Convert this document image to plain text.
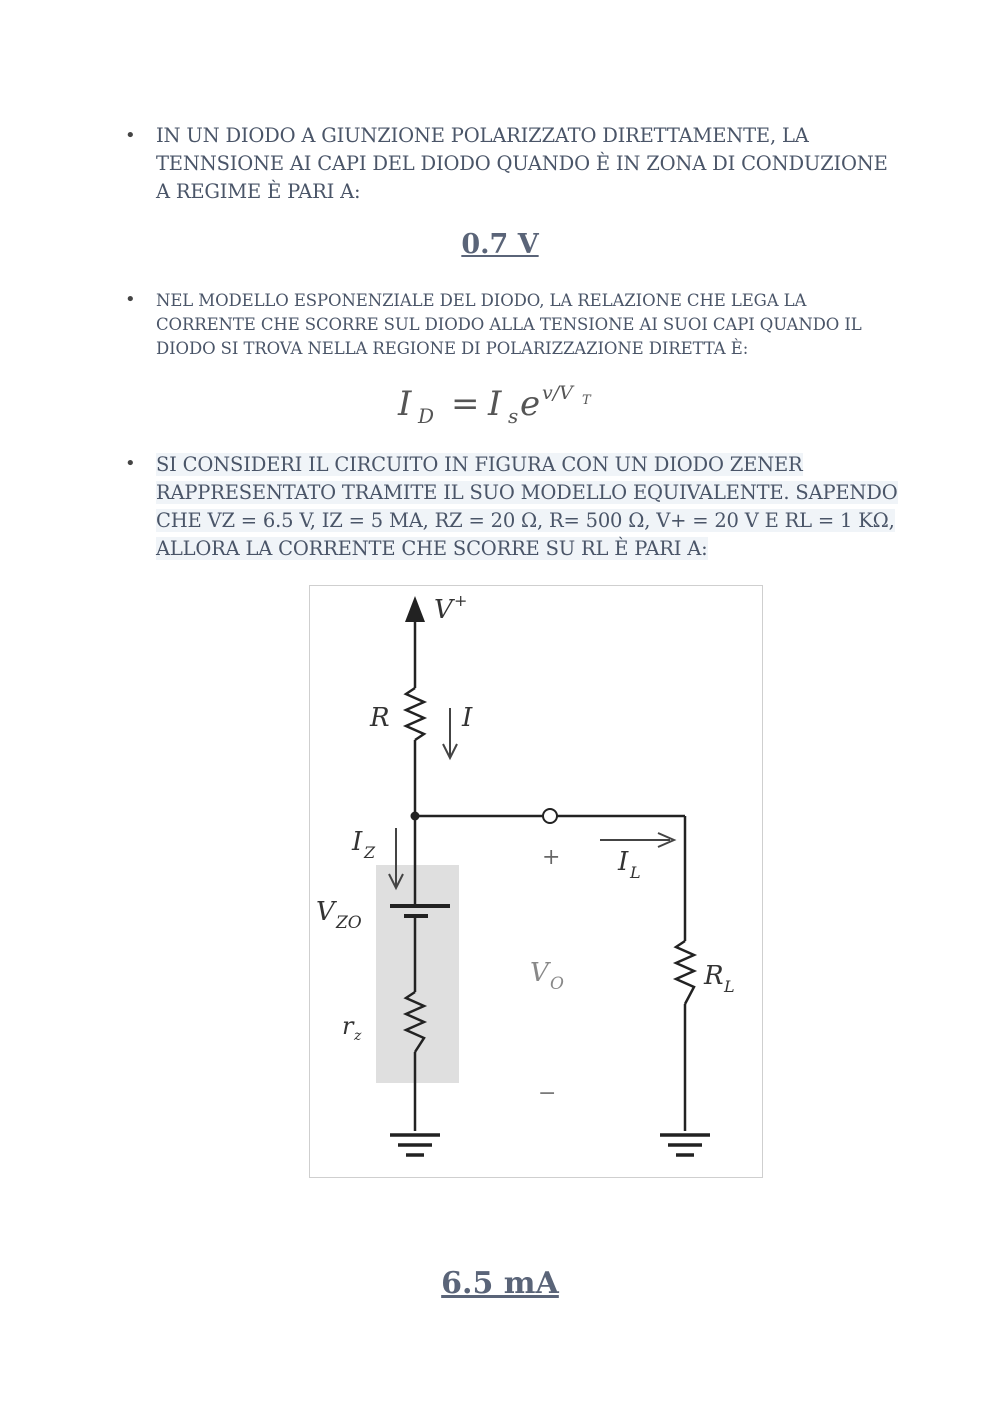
• IN UN DIODO A GIUNZIONE POLARIZZATO DIRETTAMENTE, LA TENNSIONE AI CAPI DEL DIODO QUANDO È IN ZONA DI CONDUZIONE A REGIME È PARI A:
0.7 V
• NEL MODELLO ESPONENZIALE DEL DIODO, LA RELAZIONE CHE LEGA LA CORRENTE CHE SCORRE SUL DIODO ALLA TENSIONE AI SUOI CAPI QUANDO IL DIODO SI TROVA NELLA REGIONE DI POLARIZZAZIONE DIRETTA È:
I D = I s e v/V T
• SI CONSIDERI IL CIRCUITO IN FIGURA CON UN DIODO ZENER RAPPRESENTATO TRAMITE IL SUO MODELLO EQUIVALENTE. SAPENDO CHE VZ = 6.5 V, IZ = 5 MA, RZ = 20 Ω, R= 500 Ω, V+ = 20 V E RL = 1 KΩ, ALLORA LA CORRENTE CHE SCORRE SU RL È PARI A:
V +
R	I
I Z
V ZO
r z
+
V O
−
I L
R L
6.5 mA
